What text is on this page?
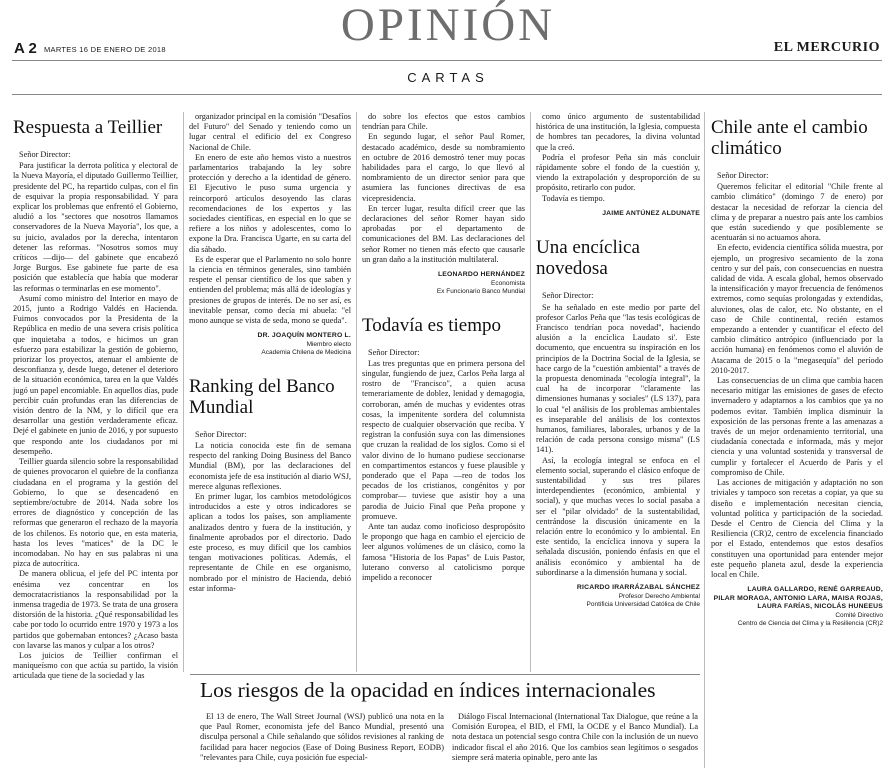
A 2 MARTES 16 DE ENERO DE 2018	OPINIÓN	EL MERCURIO
CARTAS
Respuesta a Teillier

Señor Director:

Para justificar la derrota política y electoral de la Nueva Mayoría, el diputado Guillermo Teillier, presidente del PC, ha repartido culpas, con el fin de esquivar la propia responsabilidad. Y para explicar los problemas que enfrentó el Gobierno, aludió a los "sectores que nosotros llamamos conservadores de la Nueva Mayoría", los que, a su juicio, avalados por la derecha, intentaron detener las reformas. "Nosotros somos muy críticos —dijo— del gabinete que encabezó Jorge Burgos. Ese gabinete fue parte de esa posición que establecía que había que moderar las reformas o terminarlas en ese momento".

Asumí como ministro del Interior en mayo de 2015, junto a Rodrigo Valdés en Hacienda. Fuimos convocados por la Presidenta de la República en medio de una severa crisis política que inquietaba a todos, e hicimos un gran esfuerzo para estabilizar la gestión de gobierno, priorizar los proyectos, atenuar el ambiente de desconfianza y, desde luego, detener el deterioro de la situación económica, tarea en la que Valdés jugó un papel encomiable. En aquellos días, pude percibir cuán profundas eran las diferencias de visión dentro de la NM, y lo difícil que era desarrollar una gestión verdaderamente eficaz. Dejé el gabinete en junio de 2016, y por supuesto que respondo ante los ciudadanos por mi desempeño.

Teillier guarda silencio sobre la responsabilidad de quienes provocaron el quiebre de la confianza ciudadana en el programa y la gestión del Gobierno, lo que se desencadenó en septiembre/octubre de 2014. Nada sobre los errores de diagnóstico y concepción de las reformas que generaron el rechazo de la mayoría de los chilenos. Es notorio que, en esta materia, hasta los leves "matices" de la DC le incomodaban. No hay en sus palabras ni una pizca de autocrítica.

De manera oblicua, el jefe del PC intenta por enésima vez concentrar en los democratacristianos la responsabilidad por la inmensa tragedia de 1973. Se trata de una grosera distorsión de la historia. ¿Qué responsabilidad les cabe por todo lo ocurrido entre 1970 y 1973 a los partidos que gobernaban entonces? ¿Acaso basta con lavarse las manos y culpar a los otros?

Los juicios de Teillier confirman el maniqueísmo con que actúa su partido, la visión articulada que tiene de la sociedad y las

organizador principal en la comisión "Desafíos del Futuro" del Senado y teniendo como un lugar central el edificio del ex Congreso Nacional de Chile.

En enero de este año hemos visto a nuestros parlamentarios trabajando la ley sobre protección y derecho a la identidad de género. El Ejecutivo le puso suma urgencia y reincorporó artículos desoyendo las claras recomendaciones de los expertos y las sociedades científicas, en especial en lo que se refiere a los niños y adolescentes, como lo expone la Dra. Francisca Ugarte, en su carta del día sábado.

Es de esperar que el Parlamento no solo honre la ciencia en términos generales, sino también respete el pensar científico de los que saben y entienden del problema; más allá de ideologías y presiones de grupos de interés. De no ser así, es inevitable pensar, como decía mi abuela: "el mono aunque se vista de seda, mono se queda".

DR. JOAQUÍN MONTERO L.
Miembro electo
Academia Chilena de Medicina
Ranking del Banco Mundial

Señor Director:

La noticia conocida este fin de semana respecto del ranking Doing Business del Banco Mundial (BM), por las declaraciones del economista jefe de esa institución al diario WSJ, merece algunas reflexiones.

En primer lugar, los cambios metodológicos introducidos a este y otros indicadores se aplican a todos los países, son ampliamente analizados dentro y fuera de la institución, y finalmente aprobados por el directorio. Dado este proceso, es muy difícil que los cambios tengan motivaciones políticas. Además, el representante de Chile en ese organismo, nombrado por el ministro de Hacienda, debió estar informa-

do sobre los efectos que estos cambios tendrían para Chile.

En segundo lugar, el señor Paul Romer, destacado académico, desde su nombramiento en octubre de 2016 demostró tener muy pocas habilidades para el cargo, lo que llevó al nombramiento de un director senior para que asumiera las funciones directivas de esa vicepresidencia.

En tercer lugar, resulta difícil creer que las declaraciones del señor Romer hayan sido aprobadas por el departamento de comunicaciones del BM. Las declaraciones del señor Romer no tienen más efecto que causarle un gran daño a la institución multilateral.

LEONARDO HERNÁNDEZ
Economista
Ex Funcionario Banco Mundial
Todavía es tiempo

Señor Director:

Las tres preguntas que en primera persona del singular, fungiendo de juez, Carlos Peña larga al rostro de "Francisco", a quien acusa temerariamente de doblez, lenidad y demagogia, corroboran, amén de muchas y evidentes otras cosas, la impenitente sordera del columnista respecto de cualquier observación que reciba. Y registran la confusión suya con las dimensiones que cruzan la realidad de los siglos. Como si el valor divino de lo humano pudiese seccionarse en compartimentos estancos y fuese plausible y ponderado que el Papa —reo de todos los pecados de los cristianos, congénitos y por comprobar— tuviese que asistir hoy a una parodia de Juicio Final que Peña propone y promueve.

Ante tan audaz como inoficioso despropósito le propongo que haga en cambio el ejercicio de leer algunos volúmenes de un clásico, como la famosa "Historia de los Papas" de Luis Pastor, luterano converso al catolicismo porque impelido a reconocer

como único argumento de sustentabilidad histórica de una institución, la Iglesia, compuesta de hombres tan pecadores, la divina voluntad que la creó.

Podría el profesor Peña sin más concluir rápidamente sobre el fondo de la cuestión y, viendo la extrapolación y desproporción de su propósito, retirarlo con pudor.

Todavía es tiempo.

JAIME ANTÚNEZ ALDUNATE
Una encíclica novedosa

Señor Director:

Se ha señalado en este medio por parte del profesor Carlos Peña que "las tesis ecológicas de Francisco tendrían poca novedad", haciendo alusión a la encíclica Laudato si'. Este documento, que encuentra su inspiración en los principios de la Doctrina Social de la Iglesia, se hace cargo de la "cuestión ambiental" a través de la propuesta denominada "ecología integral", la cual ha de incorporar "claramente las dimensiones humanas y sociales" (LS 137), para lo cual "el análisis de los problemas ambientales es inseparable del análisis de los contextos humanos, familiares, laborales, urbanos y de la relación de cada persona consigo misma" (LS 141).

Así, la ecología integral se enfoca en el elemento social, superando el clásico enfoque de sustentabilidad y sus tres pilares interdependientes (económico, ambiental y social), y que muchas veces lo social pasaba a ser el "pilar olvidado" de la sustentabilidad, centrándose la discusión únicamente en la relación entre lo económico y lo ambiental. En este sentido, la encíclica innova y supera la señalada discusión, poniendo énfasis en que el análisis económico y ambiental ha de subordinarse a la dimensión humana y social.

RICARDO IRARRÁZABAL SÁNCHEZ
Profesor Derecho Ambiental
Pontificia Universidad Católica de Chile
Chile ante el cambio climático

Señor Director:

Queremos felicitar el editorial "Chile frente al cambio climático" (domingo 7 de enero) por destacar la necesidad de reforzar la ciencia del clima y de preparar a nuestro país ante los cambios que están sucediendo y que posiblemente se acentuarán si no actuamos ahora.

En efecto, evidencia científica sólida muestra, por ejemplo, un progresivo secamiento de la zona centro y sur del país, con consecuencias en nuestra calidad de vida. A escala global, hemos observado la intensificación y mayor frecuencia de fenómenos extremos, como sequías prolongadas y extendidas, aluviones, olas de calor, etc. No obstante, en el caso de Chile continental, recién estamos empezando a entender y cuantificar el efecto del cambio climático antrópico (influenciado por la acción humana) en fenómenos como el aluvión de Atacama de 2015 o la "megasequía" del período 2010-2017.

Las consecuencias de un clima que cambia hacen necesario mitigar las emisiones de gases de efecto invernadero y adaptarnos a los cambios que ya no podemos evitar. También implica disminuir la exposición de las personas frente a las amenazas a través de un mejor ordenamiento territorial, una ciudadanía conectada e informada, más y mejor ciencia y una voluntad sostenida y transversal de cumplir y fortalecer el Acuerdo de París y el compromiso de Chile.

Las acciones de mitigación y adaptación no son triviales y tampoco son recetas a copiar, ya que su diseño e implementación necesitan ciencia, voluntad política y participación de la sociedad. Desde el Centro de Ciencia del Clima y la Resiliencia (CR)2, centro de excelencia financiado por el Estado, entendemos que estos desafíos constituyen una oportunidad para entender mejor este pequeño planeta azul, desde la experiencia local en Chile.

LAURA GALLARDO, RENÉ GARREAUD,
PILAR MORAGA, ANTONIO LARA, MAISA ROJAS,
LAURA FARÍAS, NICOLÁS HUNEEUS
Comité Directivo
Centro de Ciencia del Clima y la Resiliencia (CR)2
Los riesgos de la opacidad en índices internacionales

El 13 de enero, The Wall Street Journal (WSJ) publicó una nota en la que Paul Romer, economista jefe del Banco Mundial, presentó una disculpa personal a Chile señalando que sólidos revisiones al ranking de facilidad para hacer negocios (Ease of Doing Business Report, EODB) "relevantes para Chile, cuya posición fue especial-

Diálogo Fiscal Internacional (International Tax Dialogue, que reúne a la Comisión Europea, el BID, el FMI, la OCDE y el Banco Mundial). La nota destaca un potencial sesgo contra Chile con la inclusión de un nuevo indicador fiscal el año 2016. Que los cambios sean legítimos o sesgados siempre será materia opinable, pero ante las
